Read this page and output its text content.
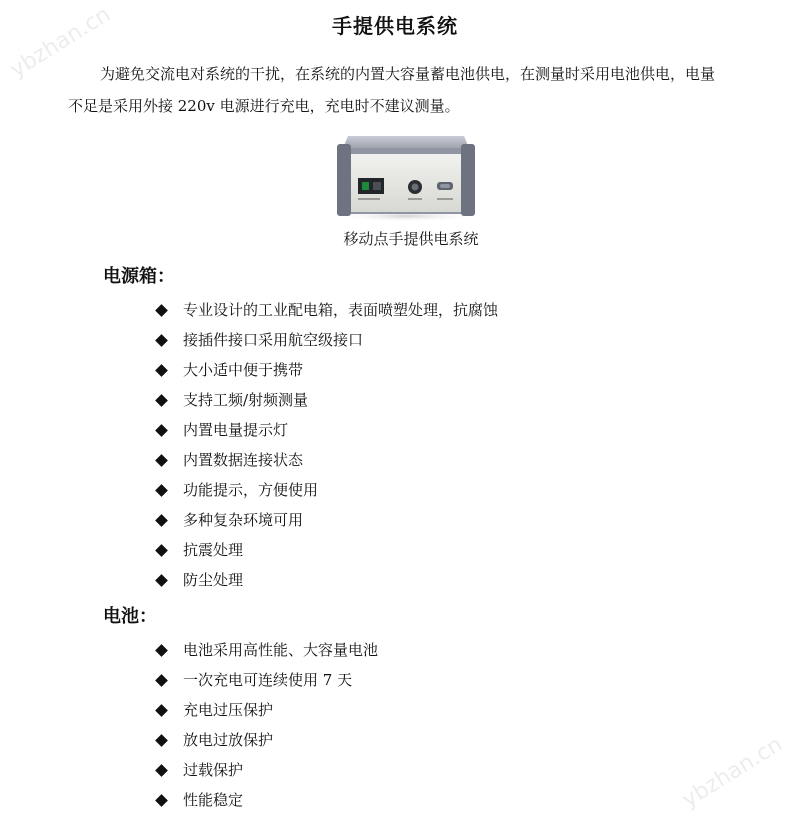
ybzhan.cn
ybzhan.cn
手提供电系统

为避免交流电对系统的干扰，在系统的内置大容量蓄电池供电，在测量时采用电池供电，电量不足是采用外接 220v 电源进行充电，充电时不建议测量。

移动点手提供电系统
电源箱：
专业设计的工业配电箱，表面喷塑处理，抗腐蚀
接插件接口采用航空级接口
大小适中便于携带
支持工频/射频测量
内置电量提示灯
内置数据连接状态
功能提示，方便使用
多种复杂环境可用
抗震处理
防尘处理
电池：
电池采用高性能、大容量电池
一次充电可连续使用 7 天
充电过压保护
放电过放保护
过载保护
性能稳定
